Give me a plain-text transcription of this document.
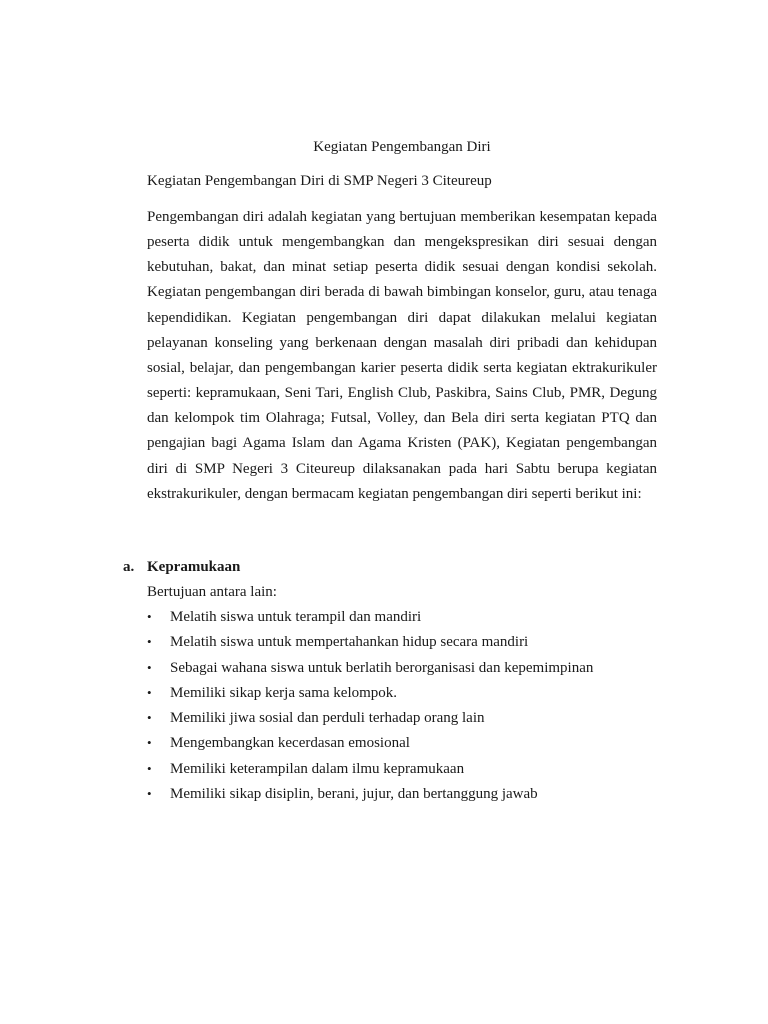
Kegiatan Pengembangan Diri

Kegiatan Pengembangan Diri di SMP Negeri 3 Citeureup

Pengembangan diri adalah kegiatan yang bertujuan memberikan kesempatan kepada peserta didik untuk mengembangkan dan mengekspresikan diri sesuai dengan kebutuhan, bakat, dan minat setiap peserta didik sesuai dengan kondisi sekolah. Kegiatan pengembangan diri berada di bawah bimbingan konselor, guru, atau tenaga kependidikan. Kegiatan pengembangan diri dapat dilakukan melalui kegiatan pelayanan konseling yang berkenaan dengan masalah diri pribadi dan kehidupan sosial, belajar, dan pengembangan karier peserta didik serta kegiatan ektrakurikuler seperti: kepramukaan, Seni Tari, English Club, Paskibra, Sains Club, PMR, Degung dan kelompok tim Olahraga; Futsal, Volley, dan Bela diri serta kegiatan PTQ dan pengajian bagi Agama Islam dan Agama Kristen (PAK), Kegiatan pengembangan diri di SMP Negeri 3 Citeureup dilaksanakan pada hari Sabtu berupa kegiatan ekstrakurikuler, dengan bermacam kegiatan pengembangan diri seperti berikut ini:

a. Kepramukaan

Bertujuan antara lain:

•	Melatih siswa untuk terampil dan mandiri
•	Melatih siswa untuk mempertahankan hidup secara mandiri
•	Sebagai wahana siswa untuk berlatih berorganisasi dan kepemimpinan
•	Memiliki sikap kerja sama kelompok.
•	Memiliki jiwa sosial dan perduli terhadap orang lain
•	Mengembangkan kecerdasan emosional
•	Memiliki keterampilan dalam ilmu kepramukaan
•	Memiliki sikap disiplin, berani, jujur, dan bertanggung jawab
